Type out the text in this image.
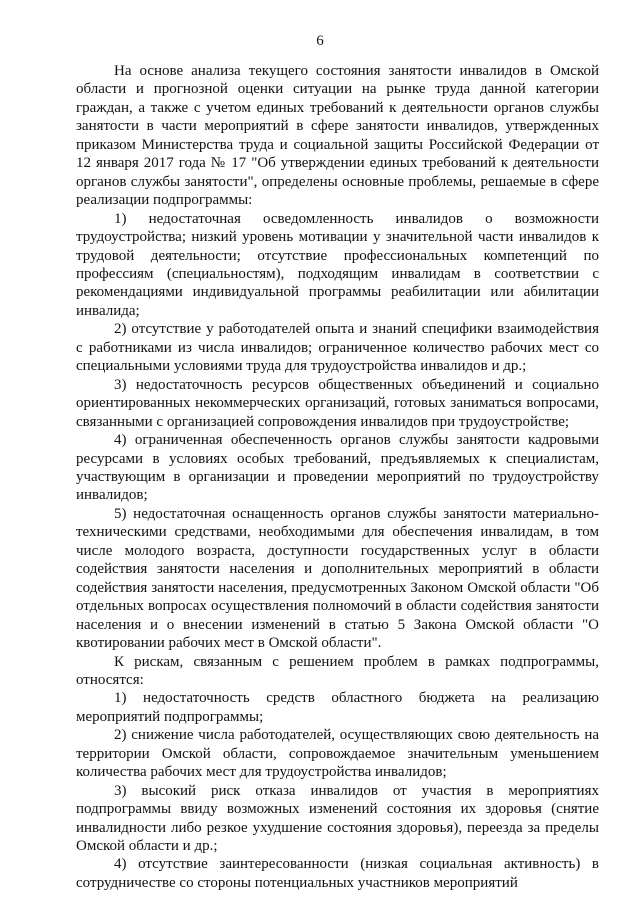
6

На основе анализа текущего состояния занятости инвалидов в Омской области и прогнозной оценки ситуации на рынке труда данной категории граждан, а также с учетом единых требований к деятельности органов службы занятости в части мероприятий в сфере занятости инвалидов, утвержденных приказом Министерства труда и социальной защиты Российской Федерации от 12 января 2017 года № 17 "Об утверждении единых требований к деятельности органов службы занятости", определены основные проблемы, решаемые в сфере реализации подпрограммы:

1) недостаточная осведомленность инвалидов о возможности трудоустройства; низкий уровень мотивации у значительной части инвалидов к трудовой деятельности; отсутствие профессиональных компетенций по профессиям (специальностям), подходящим инвалидам в соответствии с рекомендациями индивидуальной программы реабилитации или абилитации инвалида;

2) отсутствие у работодателей опыта и знаний специфики взаимодействия с работниками из числа инвалидов; ограниченное количество рабочих мест со специальными условиями труда для трудоустройства инвалидов и др.;

3) недостаточность ресурсов общественных объединений и социально ориентированных некоммерческих организаций, готовых заниматься вопросами, связанными с организацией сопровождения инвалидов при трудоустройстве;

4) ограниченная обеспеченность органов службы занятости кадровыми ресурсами в условиях особых требований, предъявляемых к специалистам, участвующим в организации и проведении мероприятий по трудоустройству инвалидов;

5) недостаточная оснащенность органов службы занятости материально-техническими средствами, необходимыми для обеспечения инвалидам, в том числе молодого возраста, доступности государственных услуг в области содействия занятости населения и дополнительных мероприятий в области содействия занятости населения, предусмотренных Законом Омской области "Об отдельных вопросах осуществления полномочий в области содействия занятости населения и о внесении изменений в статью 5 Закона Омской области "О квотировании рабочих мест в Омской области".

К рискам, связанным с решением проблем в рамках подпрограммы, относятся:

1) недостаточность средств областного бюджета на реализацию мероприятий подпрограммы;

2) снижение числа работодателей, осуществляющих свою деятельность на территории Омской области, сопровождаемое значительным уменьшением количества рабочих мест для трудоустройства инвалидов;

3) высокий риск отказа инвалидов от участия в мероприятиях подпрограммы ввиду возможных изменений состояния их здоровья (снятие инвалидности либо резкое ухудшение состояния здоровья), переезда за пределы Омской области и др.;

4) отсутствие заинтересованности (низкая социальная активность) в сотрудничестве со стороны потенциальных участников мероприятий
